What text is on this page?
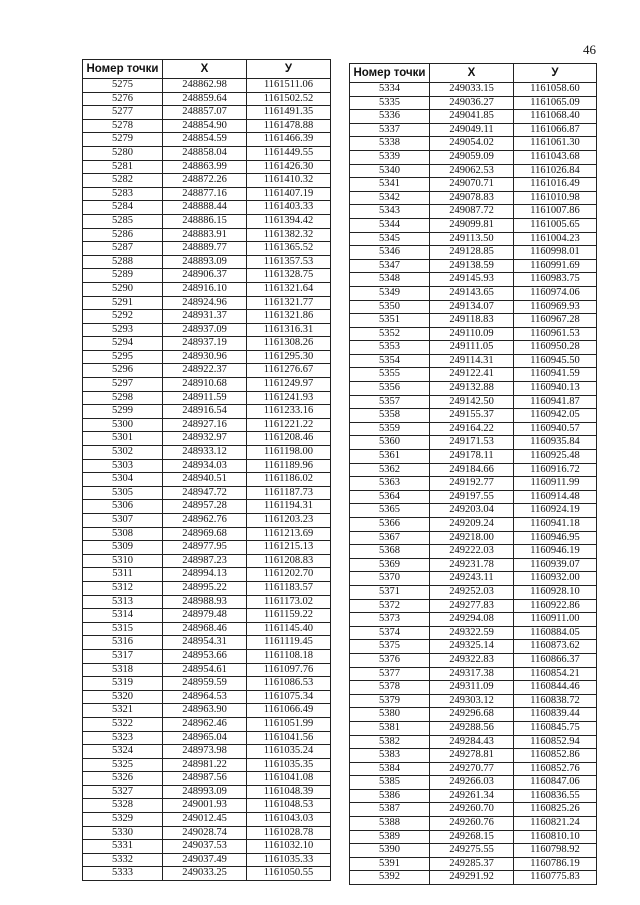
46
Номер точки	X	У
5275	248862.98	1161511.06
5276	248859.64	1161502.52
5277	248857.07	1161491.35
5278	248854.90	1161478.88
5279	248854.59	1161466.39
5280	248858.04	1161449.55
5281	248863.99	1161426.30
5282	248872.26	1161410.32
5283	248877.16	1161407.19
5284	248888.44	1161403.33
5285	248886.15	1161394.42
5286	248883.91	1161382.32
5287	248889.77	1161365.52
5288	248893.09	1161357.53
5289	248906.37	1161328.75
5290	248916.10	1161321.64
5291	248924.96	1161321.77
5292	248931.37	1161321.86
5293	248937.09	1161316.31
5294	248937.19	1161308.26
5295	248930.96	1161295.30
5296	248922.37	1161276.67
5297	248910.68	1161249.97
5298	248911.59	1161241.93
5299	248916.54	1161233.16
5300	248927.16	1161221.22
5301	248932.97	1161208.46
5302	248933.12	1161198.00
5303	248934.03	1161189.96
5304	248940.51	1161186.02
5305	248947.72	1161187.73
5306	248957.28	1161194.31
5307	248962.76	1161203.23
5308	248969.68	1161213.69
5309	248977.95	1161215.13
5310	248987.23	1161208.83
5311	248994.13	1161202.70
5312	248995.22	1161183.57
5313	248988.93	1161173.02
5314	248979.48	1161159.22
5315	248968.46	1161145.40
5316	248954.31	1161119.45
5317	248953.66	1161108.18
5318	248954.61	1161097.76
5319	248959.59	1161086.53
5320	248964.53	1161075.34
5321	248963.90	1161066.49
5322	248962.46	1161051.99
5323	248965.04	1161041.56
5324	248973.98	1161035.24
5325	248981.22	1161035.35
5326	248987.56	1161041.08
5327	248993.09	1161048.39
5328	249001.93	1161048.53
5329	249012.45	1161043.03
5330	249028.74	1161028.78
5331	249037.53	1161032.10
5332	249037.49	1161035.33
5333	249033.25	1161050.55
Номер точки	X	У
5334	249033.15	1161058.60
5335	249036.27	1161065.09
5336	249041.85	1161068.40
5337	249049.11	1161066.87
5338	249054.02	1161061.30
5339	249059.09	1161043.68
5340	249062.53	1161026.84
5341	249070.71	1161016.49
5342	249078.83	1161010.98
5343	249087.72	1161007.86
5344	249099.81	1161005.65
5345	249113.50	1161004.23
5346	249128.85	1160998.01
5347	249138.59	1160991.69
5348	249145.93	1160983.75
5349	249143.65	1160974.06
5350	249134.07	1160969.93
5351	249118.83	1160967.28
5352	249110.09	1160961.53
5353	249111.05	1160950.28
5354	249114.31	1160945.50
5355	249122.41	1160941.59
5356	249132.88	1160940.13
5357	249142.50	1160941.87
5358	249155.37	1160942.05
5359	249164.22	1160940.57
5360	249171.53	1160935.84
5361	249178.11	1160925.48
5362	249184.66	1160916.72
5363	249192.77	1160911.99
5364	249197.55	1160914.48
5365	249203.04	1160924.19
5366	249209.24	1160941.18
5367	249218.00	1160946.95
5368	249222.03	1160946.19
5369	249231.78	1160939.07
5370	249243.11	1160932.00
5371	249252.03	1160928.10
5372	249277.83	1160922.86
5373	249294.08	1160911.00
5374	249322.59	1160884.05
5375	249325.14	1160873.62
5376	249322.83	1160866.37
5377	249317.38	1160854.21
5378	249311.09	1160844.46
5379	249303.12	1160838.72
5380	249296.68	1160839.44
5381	249288.56	1160845.75
5382	249284.43	1160852.94
5383	249278.81	1160852.86
5384	249270.77	1160852.76
5385	249266.03	1160847.06
5386	249261.34	1160836.55
5387	249260.70	1160825.26
5388	249260.76	1160821.24
5389	249268.15	1160810.10
5390	249275.55	1160798.92
5391	249285.37	1160786.19
5392	249291.92	1160775.83
